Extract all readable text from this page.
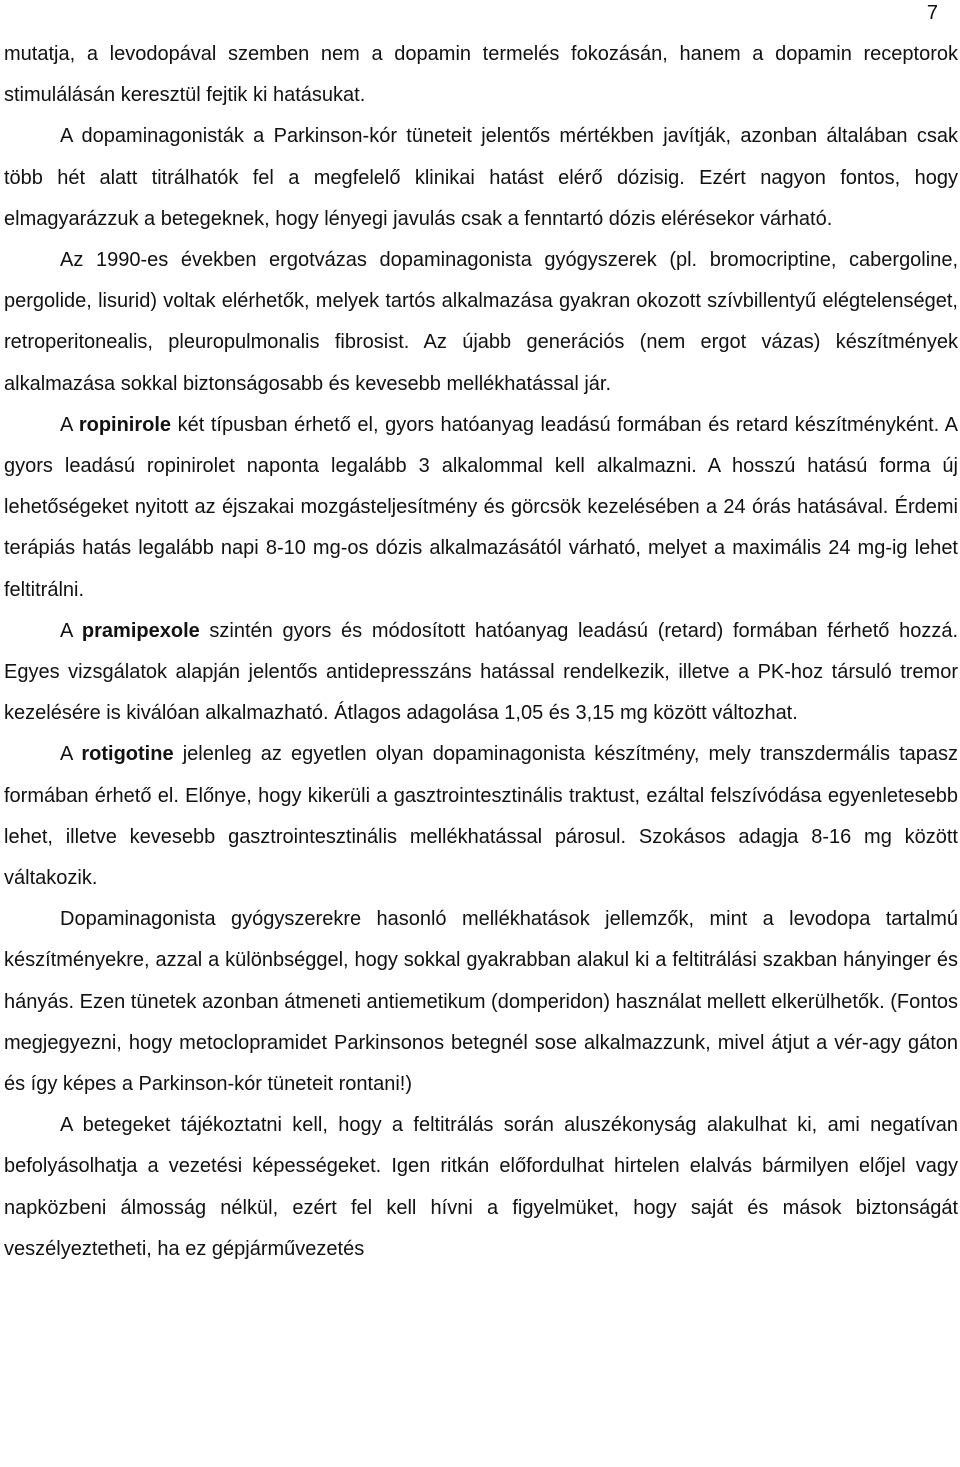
7

mutatja, a levodopával szemben nem a dopamin termelés fokozásán, hanem a dopamin receptorok stimulálásán keresztül fejtik ki hatásukat.

A dopaminagonisták a Parkinson-kór tüneteit jelentős mértékben javítják, azonban általában csak több hét alatt titrálhatók fel a megfelelő klinikai hatást elérő dózisig. Ezért nagyon fontos, hogy elmagyarázzuk a betegeknek, hogy lényegi javulás csak a fenntartó dózis elérésekor várható.

Az 1990-es években ergotvázas dopaminagonista gyógyszerek (pl. bromocriptine, cabergoline, pergolide, lisurid) voltak elérhetők, melyek tartós alkalmazása gyakran okozott szívbillentyű elégtelenséget, retroperitonealis, pleuropulmonalis fibrosist. Az újabb generációs (nem ergot vázas) készítmények alkalmazása sokkal biztonságosabb és kevesebb mellékhatással jár.

A ropinirole két típusban érhető el, gyors hatóanyag leadású formában és retard készítményként. A gyors leadású ropinirolet naponta legalább 3 alkalommal kell alkalmazni. A hosszú hatású forma új lehetőségeket nyitott az éjszakai mozgásteljesítmény és görcsök kezelésében a 24 órás hatásával. Érdemi terápiás hatás legalább napi 8-10 mg-os dózis alkalmazásától várható, melyet a maximális 24 mg-ig lehet feltitrálni.

A pramipexole szintén gyors és módosított hatóanyag leadású (retard) formában férhető hozzá. Egyes vizsgálatok alapján jelentős antidepresszáns hatással rendelkezik, illetve a PK-hoz társuló tremor kezelésére is kiválóan alkalmazható. Átlagos adagolása 1,05 és 3,15 mg között változhat.

A rotigotine jelenleg az egyetlen olyan dopaminagonista készítmény, mely transzdermális tapasz formában érhető el. Előnye, hogy kikerüli a gasztrointesztinális traktust, ezáltal felszívódása egyenletesebb lehet, illetve kevesebb gasztrointesztinális mellékhatással párosul. Szokásos adagja 8-16 mg között váltakozik.

Dopaminagonista gyógyszerekre hasonló mellékhatások jellemzők, mint a levodopa tartalmú készítményekre, azzal a különbséggel, hogy sokkal gyakrabban alakul ki a feltitrálási szakban hányinger és hányás. Ezen tünetek azonban átmeneti antiemetikum (domperidon) használat mellett elkerülhetők. (Fontos megjegyezni, hogy metoclopramidet Parkinsonos betegnél sose alkalmazzunk, mivel átjut a vér-agy gáton és így képes a Parkinson-kór tüneteit rontani!)

A betegeket tájékoztatni kell, hogy a feltitrálás során aluszékonyság alakulhat ki, ami negatívan befolyásolhatja a vezetési képességeket. Igen ritkán előfordulhat hirtelen elalvás bármilyen előjel vagy napközbeni álmosság nélkül, ezért fel kell hívni a figyelmüket, hogy saját és mások biztonságát veszélyeztetheti, ha ez gépjárművezetés
